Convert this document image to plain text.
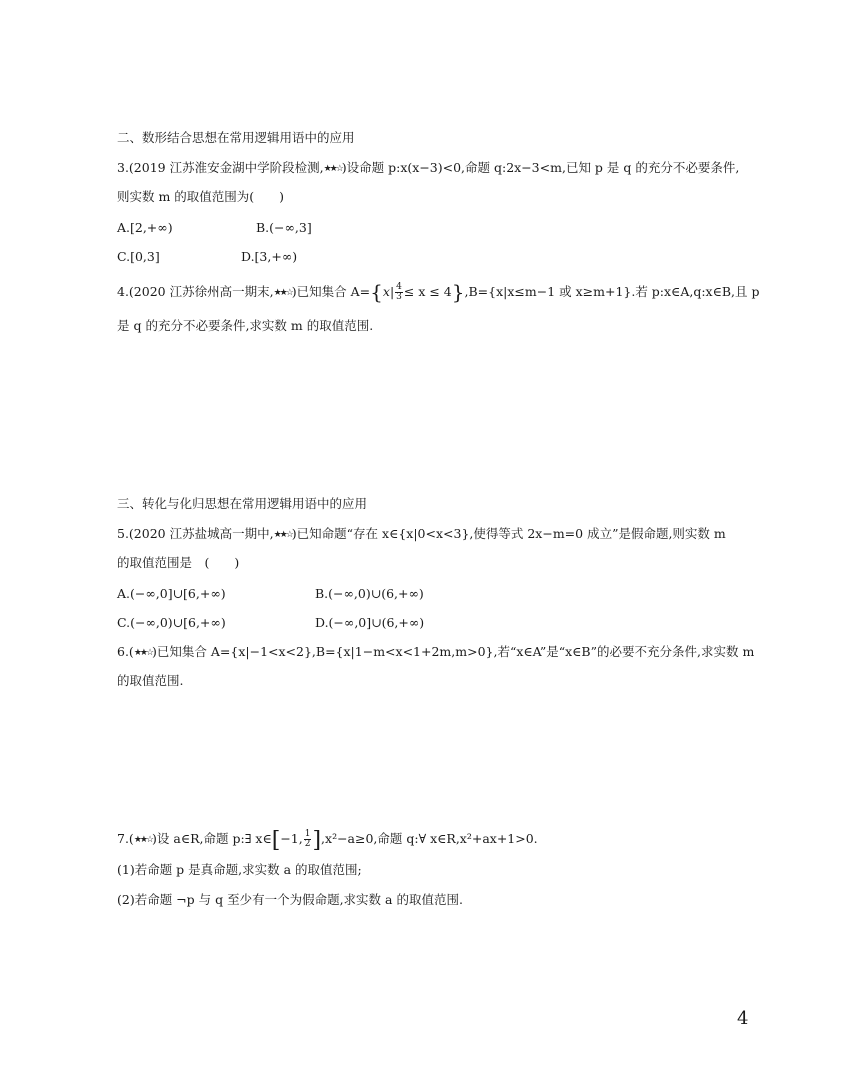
二、数形结合思想在常用逻辑用语中的应用
3.(2019 江苏淮安金湖中学阶段检测,★★☆)设命题 p:x(x−3)<0,命题 q:2x−3<m,已知 p 是 q 的充分不必要条件,
则实数 m 的取值范围为(　　)
A.[2,+∞)	B.(−∞,3]
C.[0,3]	D.[3,+∞)
4.(2020 江苏徐州高一期末,★★☆)已知集合 $A=\{x| \frac{4}{3} \le x \le 4\},B=\{x|x\le m-1$ 或 x≥m+1}.若 p:x∈A,q:x∈B,且 p
是 q 的充分不必要条件,求实数 m 的取值范围.
三、转化与化归思想在常用逻辑用语中的应用
5.(2020 江苏盐城高一期中,★★☆)已知命题“存在 x∈{x|0<x<3},使得等式 2x−m=0 成立”是假命题,则实数 m
的取值范围是　(　　)
A.(−∞,0]∪[6,+∞)	B.(−∞,0)∪(6,+∞)
C.(−∞,0)∪[6,+∞)	D.(−∞,0]∪(6,+∞)
6.(★★☆)已知集合 A={x|−1<x<2},B={x|1−m<x<1+2m,m>0},若“x∈A”是“x∈B”的必要不充分条件,求实数 m
的取值范围.
7.(★★☆)设 a∈R,命题 p:∃ x∈[−1, $\frac{1}{2} ],x^2-a\ge 0$,命题 q:∀ x∈R,x²+ax+1>0.
(1)若命题 p 是真命题,求实数 a 的取值范围;
(2)若命题 ¬p 与 q 至少有一个为假命题,求实数 a 的取值范围.
4
